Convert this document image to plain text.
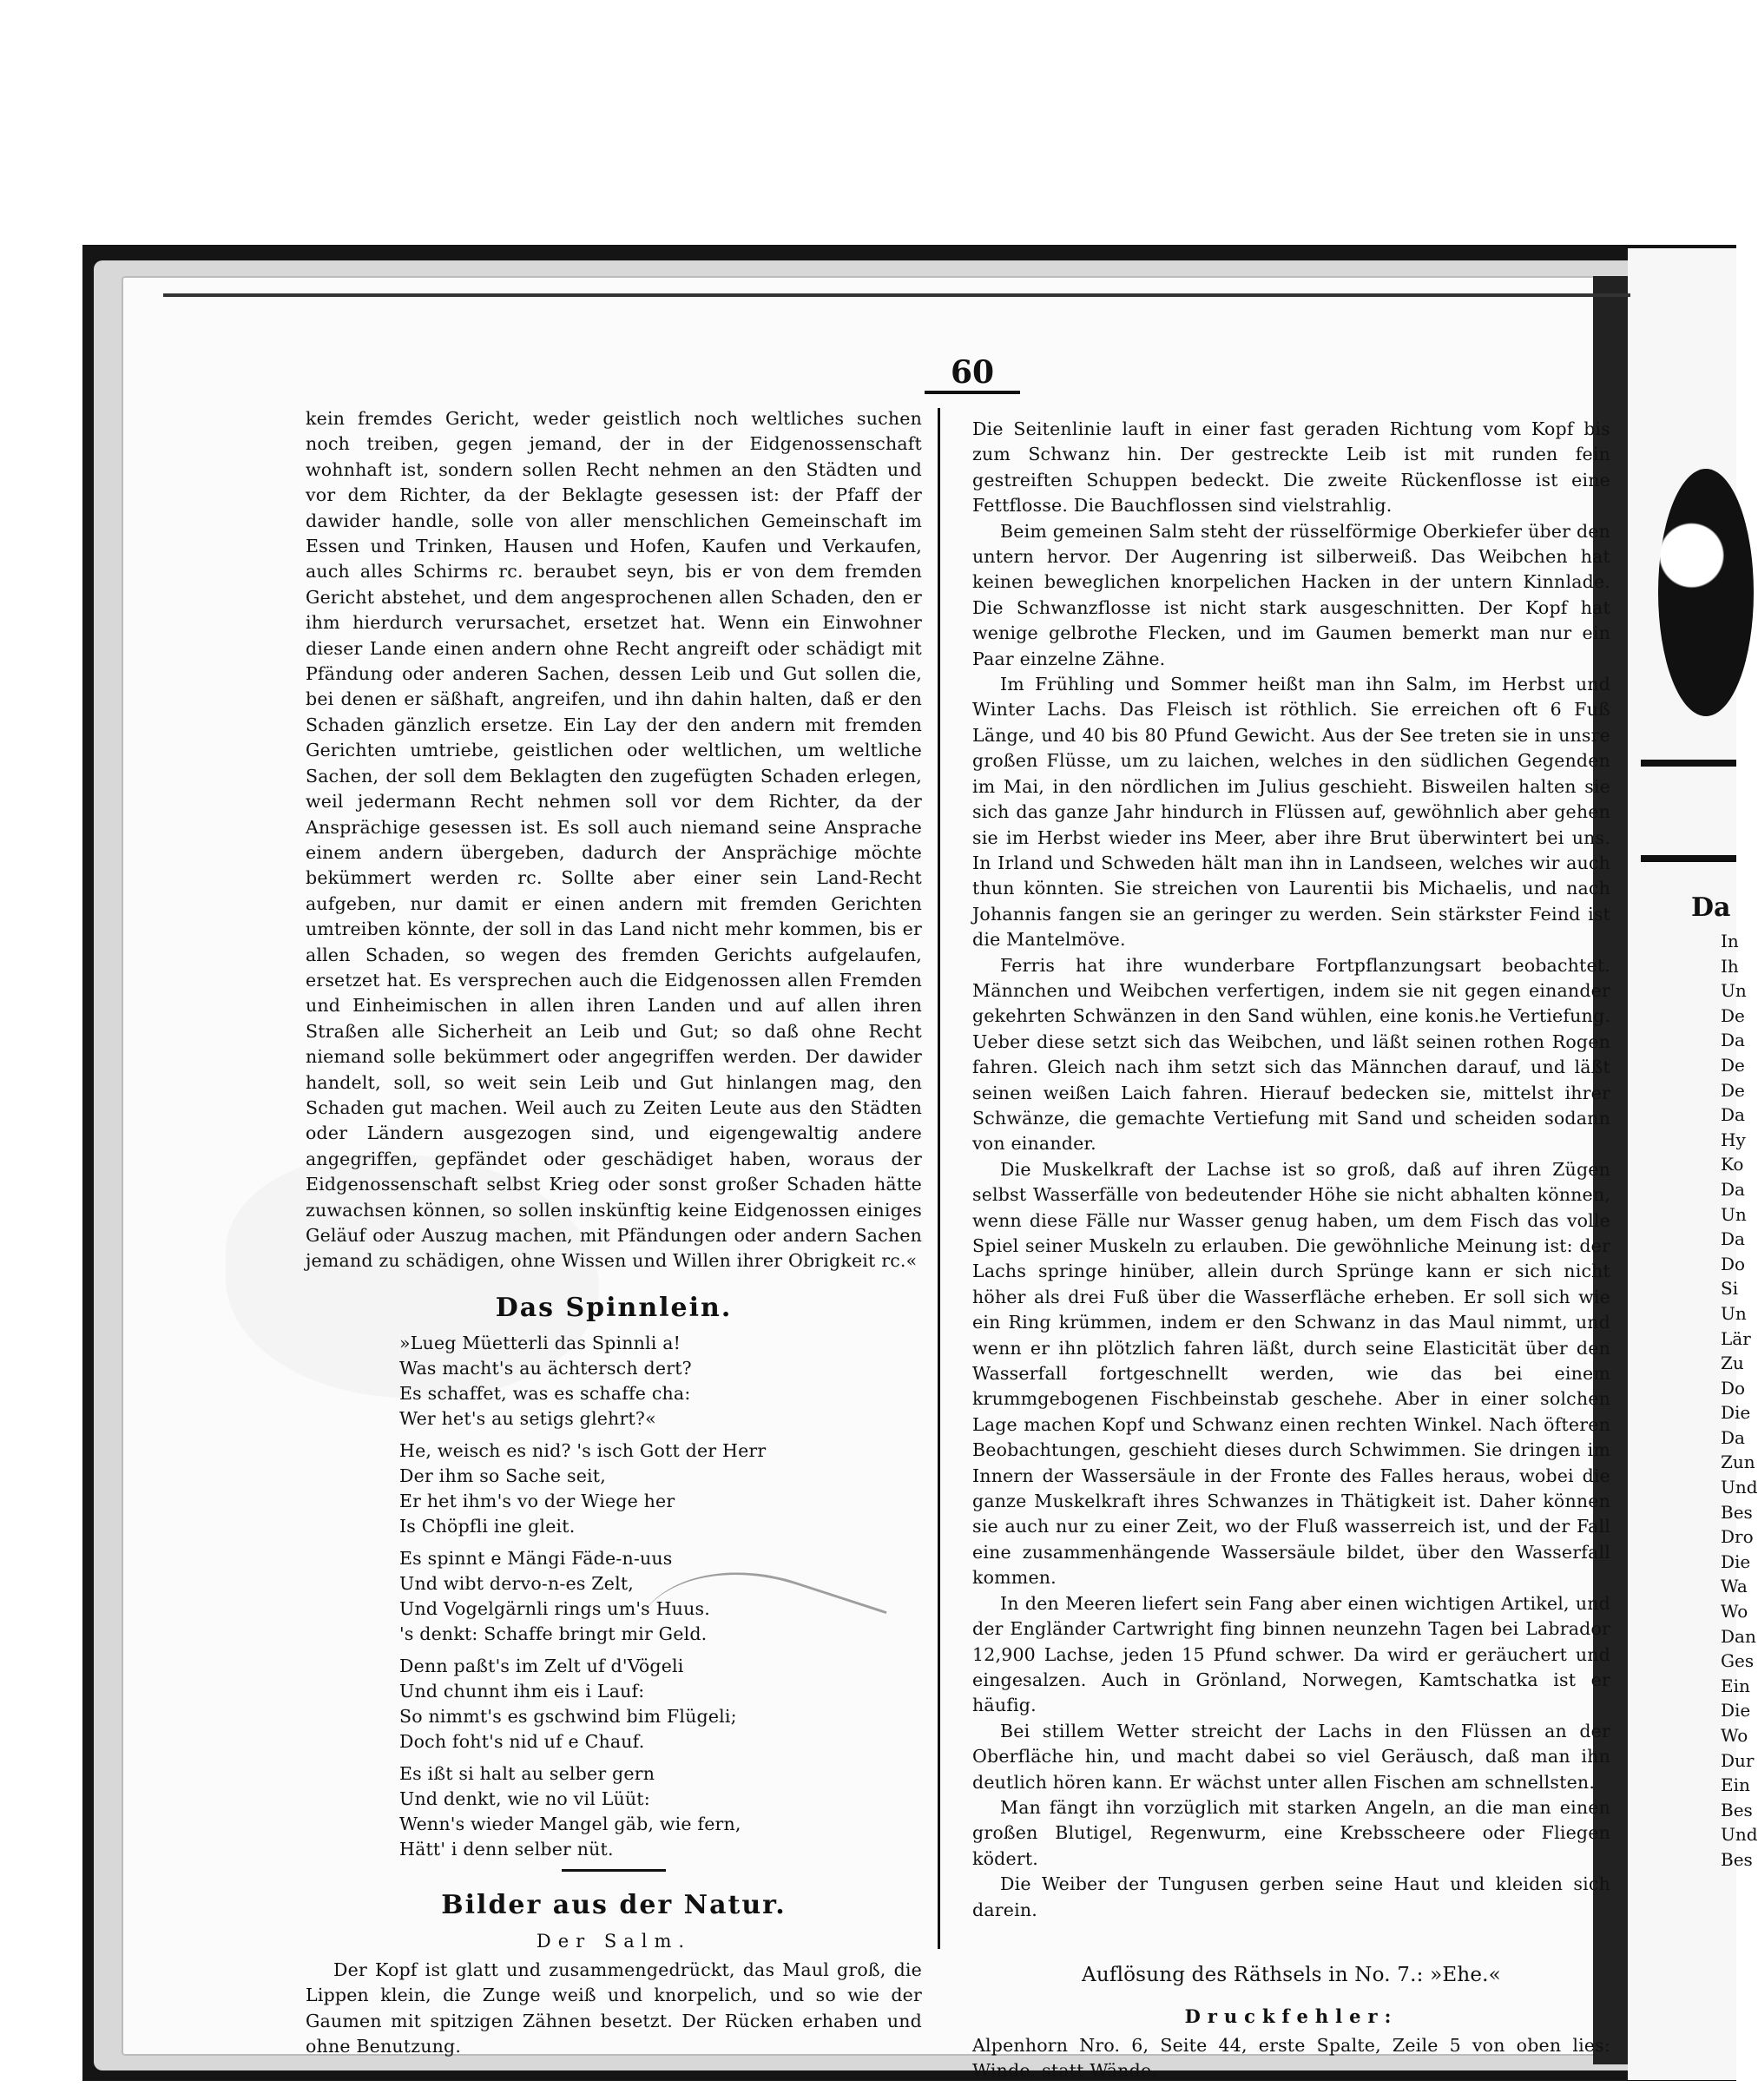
60

kein fremdes Gericht, weder geistlich noch weltliches suchen noch treiben, gegen jemand, der in der Eidgenossenschaft wohnhaft ist, sondern sollen Recht nehmen an den Städten und vor dem Richter, da der Beklagte gesessen ist: der Pfaff der dawider handle, solle von aller menschlichen Gemeinschaft im Essen und Trinken, Hausen und Hofen, Kaufen und Verkaufen, auch alles Schirms rc. beraubet seyn, bis er von dem fremden Gericht abstehet, und dem angesprochenen allen Schaden, den er ihm hierdurch verursachet, ersetzet hat. Wenn ein Einwohner dieser Lande einen andern ohne Recht angreift oder schädigt mit Pfändung oder anderen Sachen, dessen Leib und Gut sollen die, bei denen er säßhaft, angreifen, und ihn dahin halten, daß er den Schaden gänzlich ersetze. Ein Lay der den andern mit fremden Gerichten umtriebe, geistlichen oder weltlichen, um weltliche Sachen, der soll dem Beklagten den zugefügten Schaden erlegen, weil jedermann Recht nehmen soll vor dem Richter, da der Ansprächige gesessen ist. Es soll auch niemand seine Ansprache einem andern übergeben, dadurch der Ansprächige möchte bekümmert werden rc. Sollte aber einer sein Land-Recht aufgeben, nur damit er einen andern mit fremden Gerichten umtreiben könnte, der soll in das Land nicht mehr kommen, bis er allen Schaden, so wegen des fremden Gerichts aufgelaufen, ersetzet hat. Es versprechen auch die Eidgenossen allen Fremden und Einheimischen in allen ihren Landen und auf allen ihren Straßen alle Sicherheit an Leib und Gut; so daß ohne Recht niemand solle bekümmert oder angegriffen werden. Der dawider handelt, soll, so weit sein Leib und Gut hinlangen mag, den Schaden gut machen. Weil auch zu Zeiten Leute aus den Städten oder Ländern ausgezogen sind, und eigengewaltig andere angegriffen, gepfändet oder geschädiget haben, woraus der Eidgenossenschaft selbst Krieg oder sonst großer Schaden hätte zuwachsen können, so sollen inskünftig keine Eidgenossen einiges Geläuf oder Auszug machen, mit Pfändungen oder andern Sachen jemand zu schädigen, ohne Wissen und Willen ihrer Obrigkeit rc.«

Das Spinnlein.
»Lueg Müetterli das Spinnli a!
Was macht's au ächtersch dert?
Es schaffet, was es schaffe cha:
Wer het's au setigs glehrt?«
He, weisch es nid? 's isch Gott der Herr
Der ihm so Sache seit,
Er het ihm's vo der Wiege her
Is Chöpfli ine gleit.
Es spinnt e Mängi Fäde-n-uus
Und wibt dervo-n-es Zelt,
Und Vogelgärnli rings um's Huus.
's denkt: Schaffe bringt mir Geld.
Denn paßt's im Zelt uf d'Vögeli
Und chunnt ihm eis i Lauf:
So nimmt's es gschwind bim Flügeli;
Doch foht's nid uf e Chauf.
Es ißt si halt au selber gern
Und denkt, wie no vil Lüüt:
Wenn's wieder Mangel gäb, wie fern,
Hätt' i denn selber nüt.
Bilder aus der Natur.
Der Salm.

Der Kopf ist glatt und zusammengedrückt, das Maul groß, die Lippen klein, die Zunge weiß und knorpelich, und so wie der Gaumen mit spitzigen Zähnen besetzt. Der Rücken erhaben und ohne Benutzung.

Die Seitenlinie lauft in einer fast geraden Richtung vom Kopf bis zum Schwanz hin. Der gestreckte Leib ist mit runden fein gestreiften Schuppen bedeckt. Die zweite Rückenflosse ist eine Fettflosse. Die Bauchflossen sind vielstrahlig.

Beim gemeinen Salm steht der rüsselförmige Oberkiefer über den untern hervor. Der Augenring ist silberweiß. Das Weibchen hat keinen beweglichen knorpelichen Hacken in der untern Kinnlade. Die Schwanzflosse ist nicht stark ausgeschnitten. Der Kopf hat wenige gelbrothe Flecken, und im Gaumen bemerkt man nur ein Paar einzelne Zähne.

Im Frühling und Sommer heißt man ihn Salm, im Herbst und Winter Lachs. Das Fleisch ist röthlich. Sie erreichen oft 6 Fuß Länge, und 40 bis 80 Pfund Gewicht. Aus der See treten sie in unsre großen Flüsse, um zu laichen, welches in den südlichen Gegenden im Mai, in den nördlichen im Julius geschieht. Bisweilen halten sie sich das ganze Jahr hindurch in Flüssen auf, gewöhnlich aber gehen sie im Herbst wieder ins Meer, aber ihre Brut überwintert bei uns. In Irland und Schweden hält man ihn in Landseen, welches wir auch thun könnten. Sie streichen von Laurentii bis Michaelis, und nach Johannis fangen sie an geringer zu werden. Sein stärkster Feind ist die Mantelmöve.

Ferris hat ihre wunderbare Fortpflanzungsart beobachtet. Männchen und Weibchen verfertigen, indem sie nit gegen einander gekehrten Schwänzen in den Sand wühlen, eine konis.he Vertiefung. Ueber diese setzt sich das Weibchen, und läßt seinen rothen Rogen fahren. Gleich nach ihm setzt sich das Männchen darauf, und läßt seinen weißen Laich fahren. Hierauf bedecken sie, mittelst ihrer Schwänze, die gemachte Vertiefung mit Sand und scheiden sodann von einander.

Die Muskelkraft der Lachse ist so groß, daß auf ihren Zügen selbst Wasserfälle von bedeutender Höhe sie nicht abhalten können, wenn diese Fälle nur Wasser genug haben, um dem Fisch das volle Spiel seiner Muskeln zu erlauben. Die gewöhnliche Meinung ist: der Lachs springe hinüber, allein durch Sprünge kann er sich nicht höher als drei Fuß über die Wasserfläche erheben. Er soll sich wie ein Ring krümmen, indem er den Schwanz in das Maul nimmt, und wenn er ihn plötzlich fahren läßt, durch seine Elasticität über den Wasserfall fortgeschnellt werden, wie das bei einem krummgebogenen Fischbeinstab geschehe. Aber in einer solchen Lage machen Kopf und Schwanz einen rechten Winkel. Nach öfteren Beobachtungen, geschieht dieses durch Schwimmen. Sie dringen im Innern der Wassersäule in der Fronte des Falles heraus, wobei die ganze Muskelkraft ihres Schwanzes in Thätigkeit ist. Daher können sie auch nur zu einer Zeit, wo der Fluß wasserreich ist, und der Fall eine zusammenhängende Wassersäule bildet, über den Wasserfall kommen.

In den Meeren liefert sein Fang aber einen wichtigen Artikel, und der Engländer Cartwright fing binnen neunzehn Tagen bei Labrador 12,900 Lachse, jeden 15 Pfund schwer. Da wird er geräuchert und eingesalzen. Auch in Grönland, Norwegen, Kamtschatka ist er häufig.

Bei stillem Wetter streicht der Lachs in den Flüssen an der Oberfläche hin, und macht dabei so viel Geräusch, daß man ihn deutlich hören kann. Er wächst unter allen Fischen am schnellsten.

Man fängt ihn vorzüglich mit starken Angeln, an die man einen großen Blutigel, Regenwurm, eine Krebsscheere oder Fliegen ködert.

Die Weiber der Tungusen gerben seine Haut und kleiden sich darein.

Auflösung des Räthsels in No. 7.: »Ehe.«

Druckfehler:

Alpenhorn Nro. 6, Seite 44, erste Spalte, Zeile 5 von oben lies: Winde, statt Wände.

Da
In
Ih
Un
De
Da
De
De
Da
Hy
Ko
Da
Un
Da
Do
Si
Un
Lär
Zu
Do
Die
Da
Zun
Und
Bes
Dro
Die
Wa
Wo
Dan
Ges
Ein
Die
Wo
Dur
Ein
Bes
Und
Bes
